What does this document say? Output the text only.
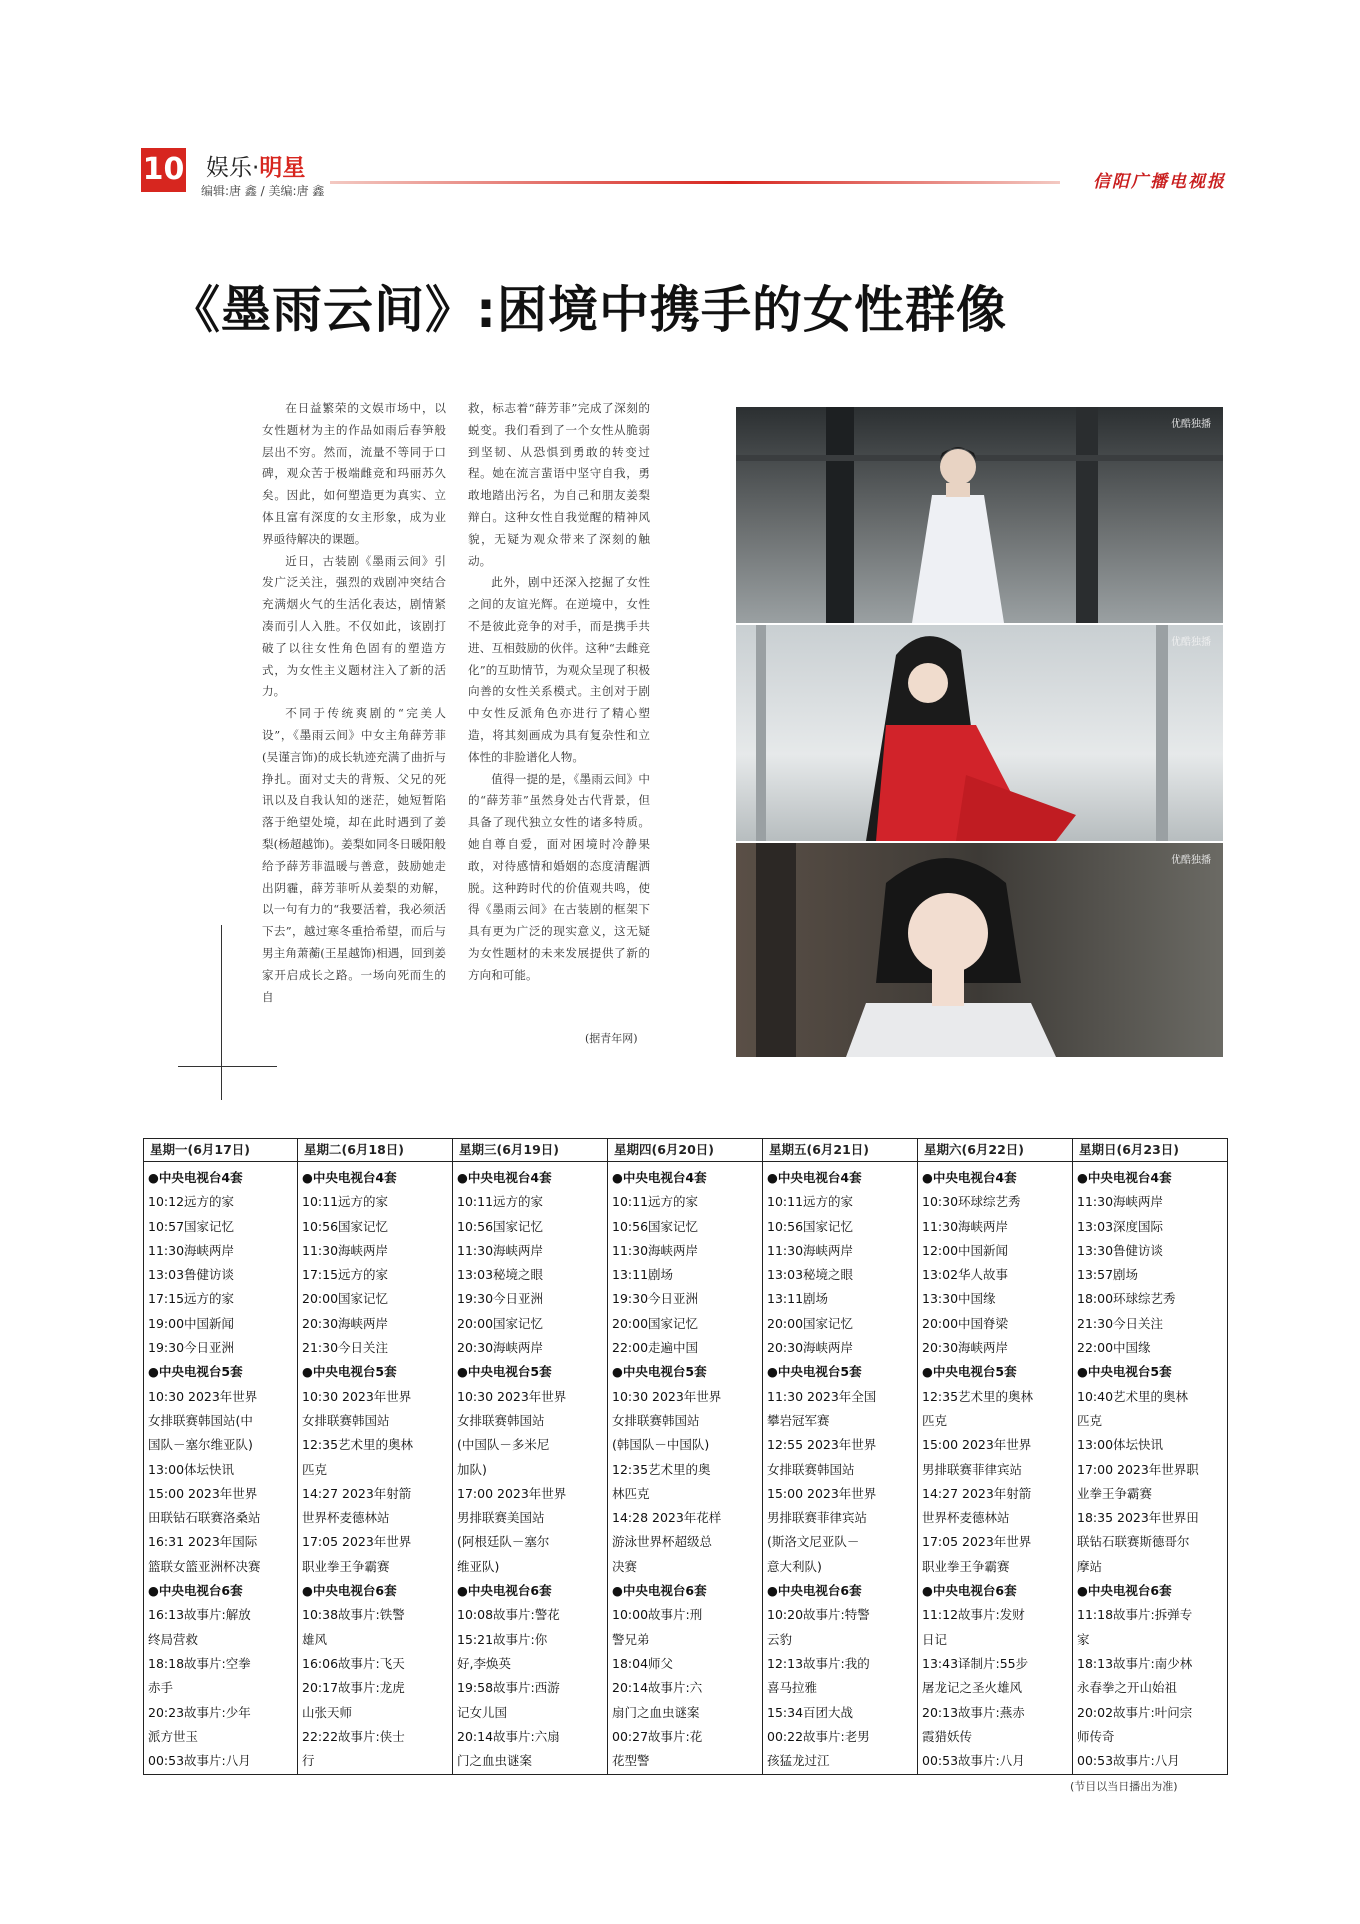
10 娱乐·明星
编辑:唐 鑫 / 美编:唐 鑫	信阳广播电视报
《墨雨云间》:困境中携手的女性群像

在日益繁荣的文娱市场中，以女性题材为主的作品如雨后春笋般层出不穷。然而，流量不等同于口碑，观众苦于极端雌竞和玛丽苏久矣。因此，如何塑造更为真实、立体且富有深度的女主形象，成为业界亟待解决的课题。

近日，古装剧《墨雨云间》引发广泛关注，强烈的戏剧冲突结合充满烟火气的生活化表达，剧情紧凑而引人入胜。不仅如此，该剧打破了以往女性角色固有的塑造方式，为女性主义题材注入了新的活力。

不同于传统爽剧的“完美人设”，《墨雨云间》中女主角薛芳菲(吴谨言饰)的成长轨迹充满了曲折与挣扎。面对丈夫的背叛、父兄的死讯以及自我认知的迷茫，她短暂陷落于绝望处境，却在此时遇到了姜梨(杨超越饰)。姜梨如同冬日暖阳般给予薛芳菲温暖与善意，鼓励她走出阴霾，薛芳菲听从姜梨的劝解，以一句有力的“我要活着，我必须活下去”，越过寒冬重拾希望，而后与男主角萧蘅(王星越饰)相遇，回到姜家开启成长之路。一场向死而生的自

救，标志着“薛芳菲”完成了深刻的蜕变。我们看到了一个女性从脆弱到坚韧、从恐惧到勇敢的转变过程。她在流言蜚语中坚守自我，勇敢地踏出污名，为自己和朋友姜梨辩白。这种女性自我觉醒的精神风貌，无疑为观众带来了深刻的触动。

此外，剧中还深入挖掘了女性之间的友谊光辉。在逆境中，女性不是彼此竞争的对手，而是携手共进、互相鼓励的伙伴。这种“去雌竞化”的互助情节，为观众呈现了积极向善的女性关系模式。主创对于剧中女性反派角色亦进行了精心塑造，将其刻画成为具有复杂性和立体性的非脸谱化人物。

值得一提的是，《墨雨云间》中的“薛芳菲”虽然身处古代背景，但具备了现代独立女性的诸多特质。她自尊自爱，面对困境时冷静果敢，对待感情和婚姻的态度清醒洒脱。这种跨时代的价值观共鸣，使得《墨雨云间》在古装剧的框架下具有更为广泛的现实意义，这无疑为女性题材的未来发展提供了新的方向和可能。

(据青年网)
优酷独播
优酷独播
优酷独播
星期一(6月17日)
●中央电视台4套
10:12远方的家
10:57国家记忆
11:30海峡两岸
13:03鲁健访谈
17:15远方的家
19:00中国新闻
19:30今日亚洲
●中央电视台5套
10:30 2023年世界
女排联赛韩国站(中
国队－塞尔维亚队)
13:00体坛快讯
15:00 2023年世界
田联钻石联赛洛桑站
16:31 2023年国际
篮联女篮亚洲杯决赛
●中央电视台6套
16:13故事片:解放
终局营救
18:18故事片:空拳
赤手
20:23故事片:少年
派方世玉
00:53故事片:八月
星期二(6月18日)
●中央电视台4套
10:11远方的家
10:56国家记忆
11:30海峡两岸
17:15远方的家
20:00国家记忆
20:30海峡两岸
21:30今日关注
●中央电视台5套
10:30 2023年世界
女排联赛韩国站
12:35艺术里的奥林
匹克
14:27 2023年射箭
世界杯麦德林站
17:05 2023年世界
职业拳王争霸赛
●中央电视台6套
10:38故事片:铁警
雄风
16:06故事片:飞天
20:17故事片:龙虎
山张天师
22:22故事片:侠士
行
星期三(6月19日)
●中央电视台4套
10:11远方的家
10:56国家记忆
11:30海峡两岸
13:03秘境之眼
19:30今日亚洲
20:00国家记忆
20:30海峡两岸
●中央电视台5套
10:30 2023年世界
女排联赛韩国站
(中国队－多米尼
加队)
17:00 2023年世界
男排联赛美国站
(阿根廷队－塞尔
维亚队)
●中央电视台6套
10:08故事片:警花
15:21故事片:你
好,李焕英
19:58故事片:西游
记女儿国
20:14故事片:六扇
门之血虫谜案
星期四(6月20日)
●中央电视台4套
10:11远方的家
10:56国家记忆
11:30海峡两岸
13:11剧场
19:30今日亚洲
20:00国家记忆
22:00走遍中国
●中央电视台5套
10:30 2023年世界
女排联赛韩国站
(韩国队－中国队)
12:35艺术里的奥
林匹克
14:28 2023年花样
游泳世界杯超级总
决赛
●中央电视台6套
10:00故事片:刑
警兄弟
18:04师父
20:14故事片:六
扇门之血虫谜案
00:27故事片:花
花型警
星期五(6月21日)
●中央电视台4套
10:11远方的家
10:56国家记忆
11:30海峡两岸
13:03秘境之眼
13:11剧场
20:00国家记忆
20:30海峡两岸
●中央电视台5套
11:30 2023年全国
攀岩冠军赛
12:55 2023年世界
女排联赛韩国站
15:00 2023年世界
男排联赛菲律宾站
(斯洛文尼亚队－
意大利队)
●中央电视台6套
10:20故事片:特警
云豹
12:13故事片:我的
喜马拉雅
15:34百团大战
00:22故事片:老男
孩猛龙过江
星期六(6月22日)
●中央电视台4套
10:30环球综艺秀
11:30海峡两岸
12:00中国新闻
13:02华人故事
13:30中国缘
20:00中国脊梁
20:30海峡两岸
●中央电视台5套
12:35艺术里的奥林
匹克
15:00 2023年世界
男排联赛菲律宾站
14:27 2023年射箭
世界杯麦德林站
17:05 2023年世界
职业拳王争霸赛
●中央电视台6套
11:12故事片:发财
日记
13:43译制片:55步
屠龙记之圣火雄风
20:13故事片:燕赤
霞猎妖传
00:53故事片:八月
星期日(6月23日)
●中央电视台4套
11:30海峡两岸
13:03深度国际
13:30鲁健访谈
13:57剧场
18:00环球综艺秀
21:30今日关注
22:00中国缘
●中央电视台5套
10:40艺术里的奥林
匹克
13:00体坛快讯
17:00 2023年世界职
业拳王争霸赛
18:35 2023年世界田
联钻石联赛斯德哥尔
摩站
●中央电视台6套
11:18故事片:拆弹专
家
18:13故事片:南少林
永春拳之开山始祖
20:02故事片:叶问宗
师传奇
00:53故事片:八月
(节目以当日播出为准)
